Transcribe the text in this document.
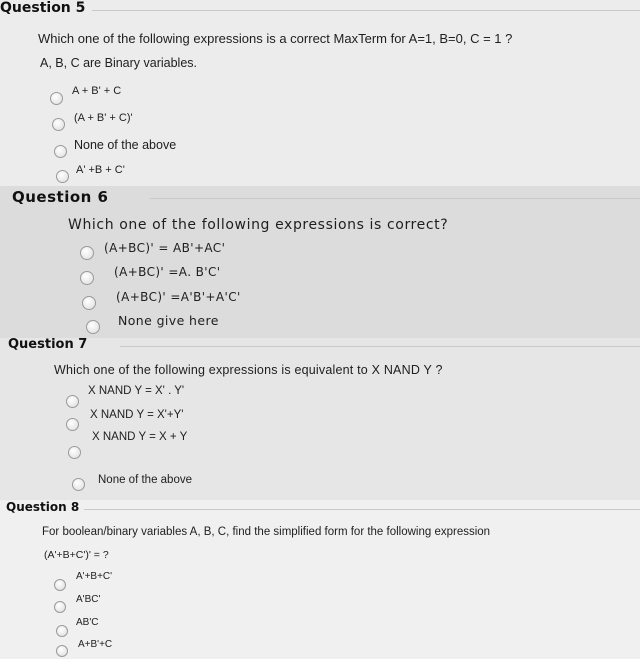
Question 5
Which one of the following expressions is a correct MaxTerm for A=1, B=0, C = 1 ?
A, B, C are Binary variables.
A + B' + C
(A + B' + C)'
None of the above
A' +B + C'
Question 6
Which one of the following expressions is correct?
(A+BC)' = AB'+AC'
(A+BC)' =A. B'C'
(A+BC)' =A'B'+A'C'
None give here
Question 7
Which one of the following expressions is equivalent to X NAND Y ?
X NAND Y = X' . Y'
X NAND Y = X'+Y'
X NAND Y = X + Y
None of the above
Question 8
For boolean/binary variables A, B, C, find the simplified form for the following expression
(A'+B+C')' = ?
A'+B+C'
A'BC'
AB'C
A+B'+C
